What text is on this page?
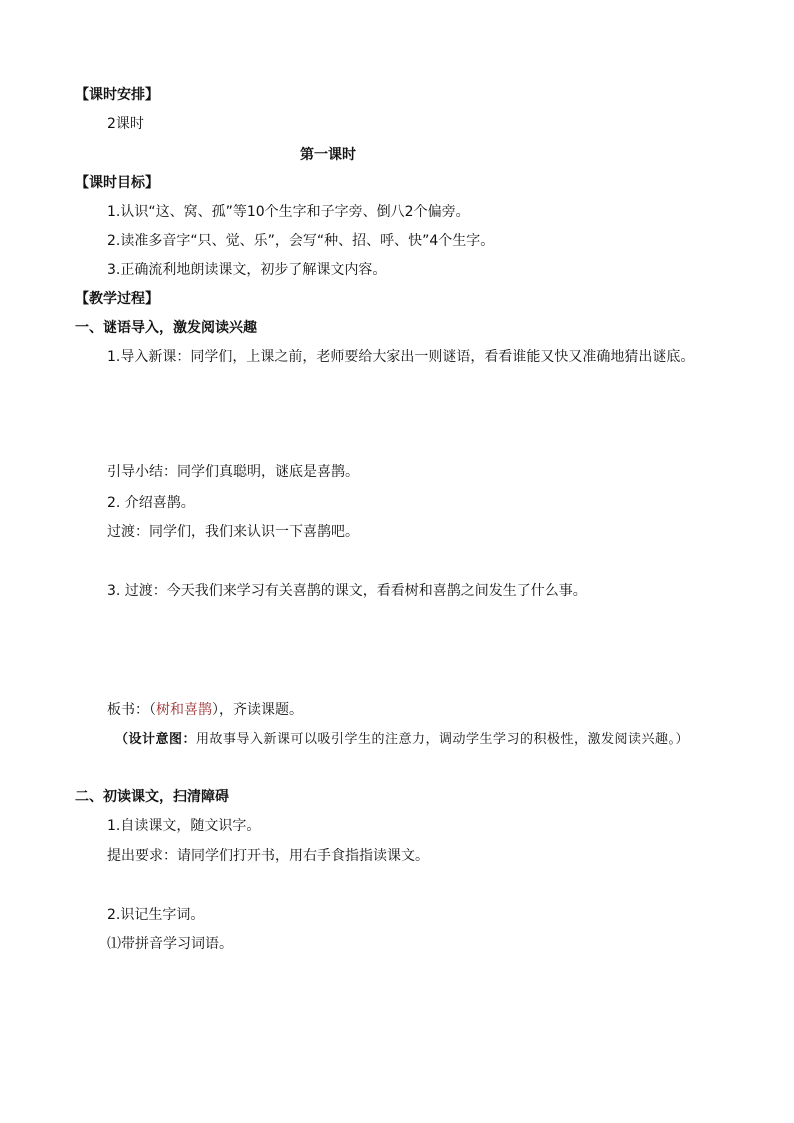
【课时安排】
2课时
第一课时
【课时目标】
1.认识“这、窝、孤”等10个生字和子字旁、倒八2个偏旁。
2.读准多音字“只、觉、乐”，会写“种、招、呼、快”4个生字。
3.正确流利地朗读课文，初步了解课文内容。
【教学过程】
一、谜语导入，激发阅读兴趣
1.导入新课：同学们，上课之前，老师要给大家出一则谜语，看看谁能又快又准确地猜出谜底。
引导小结：同学们真聪明，谜底是喜鹊。
2. 介绍喜鹊。
过渡：同学们，我们来认识一下喜鹊吧。
3. 过渡：今天我们来学习有关喜鹊的课文，看看树和喜鹊之间发生了什么事。
板书：（树和喜鹊），齐读课题。
（设计意图：用故事导入新课可以吸引学生的注意力，调动学生学习的积极性，激发阅读兴趣。）
二、初读课文，扫清障碍
1.自读课文，随文识字。
提出要求：请同学们打开书，用右手食指指读课文。
2.识记生字词。
⑴带拼音学习词语。
